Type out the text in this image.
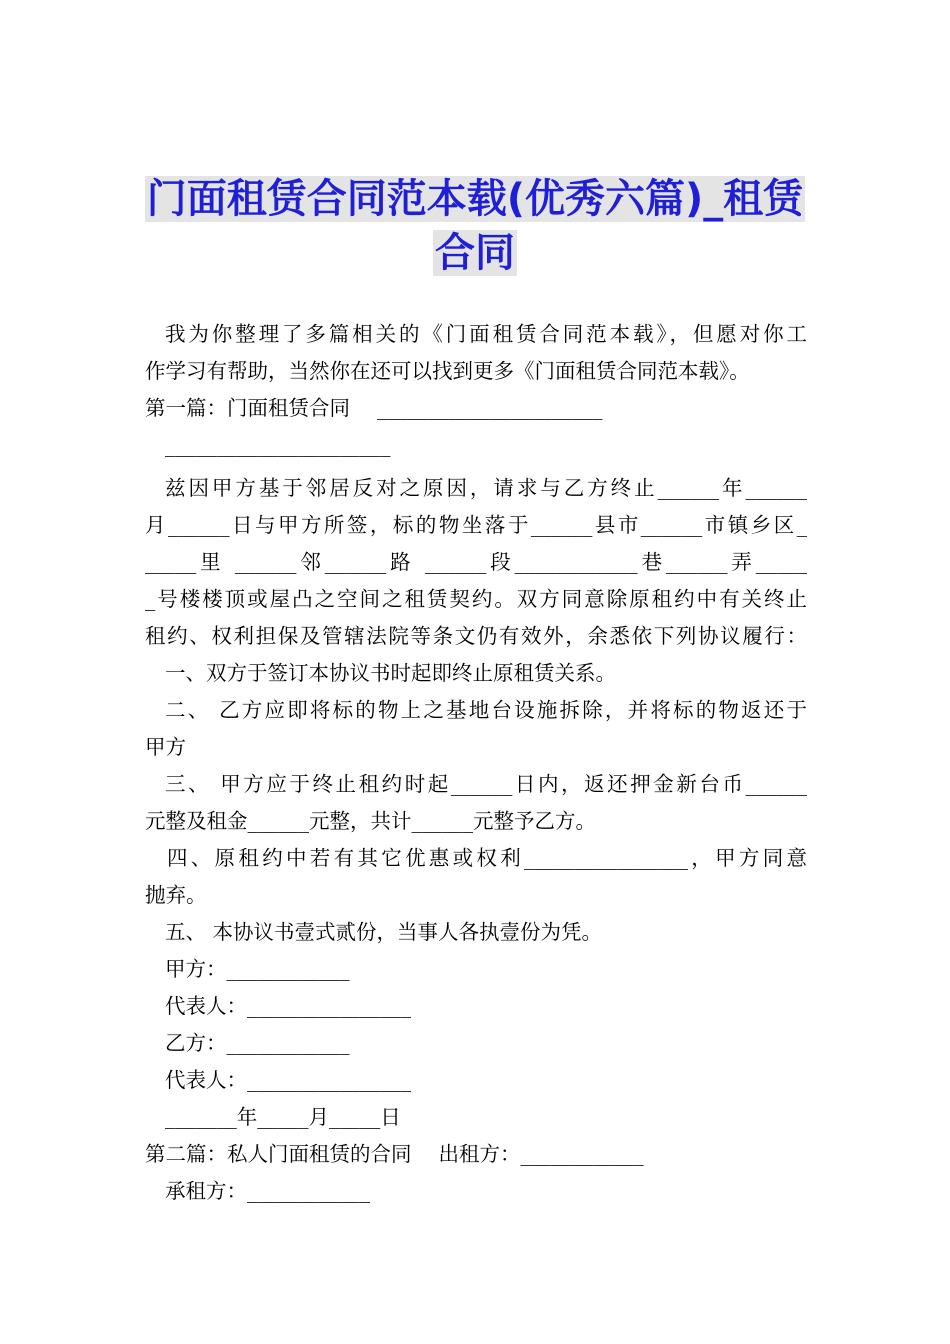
门面租赁合同范本载(优秀六篇)_租赁
合同

我为你整理了多篇相关的《门面租赁合同范本载》，但愿对你工

作学习有帮助，当然你在还可以找到更多《门面租赁合同范本载》。

第一篇：门面租赁合同　 ______________________

______________________

兹因甲方基于邻居反对之原因，请求与乙方终止______年______

月______日与甲方所签，标的物坐落于______县市______市镇乡区_

_____里 ______邻______路 ______段____________巷______弄_____

_号楼楼顶或屋凸之空间之租赁契约。双方同意除原租约中有关终止

租约、权利担保及管辖法院等条文仍有效外，余悉依下列协议履行：

一、双方于签订本协议书时起即终止原租赁关系。

二、 乙方应即将标的物上之基地台设施拆除，并将标的物返还于

甲方

三、 甲方应于终止租约时起______日内，返还押金新台币______

元整及租金______元整，共计______元整予乙方。

四、原租约中若有其它优惠或权利________________，甲方同意

抛弃。

五、 本协议书壹式贰份，当事人各执壹份为凭。

甲方：____________

代表人：________________

乙方：____________

代表人：________________

_______年_____月_____日

第二篇：私人门面租赁的合同　 出租方：____________

承租方：____________
